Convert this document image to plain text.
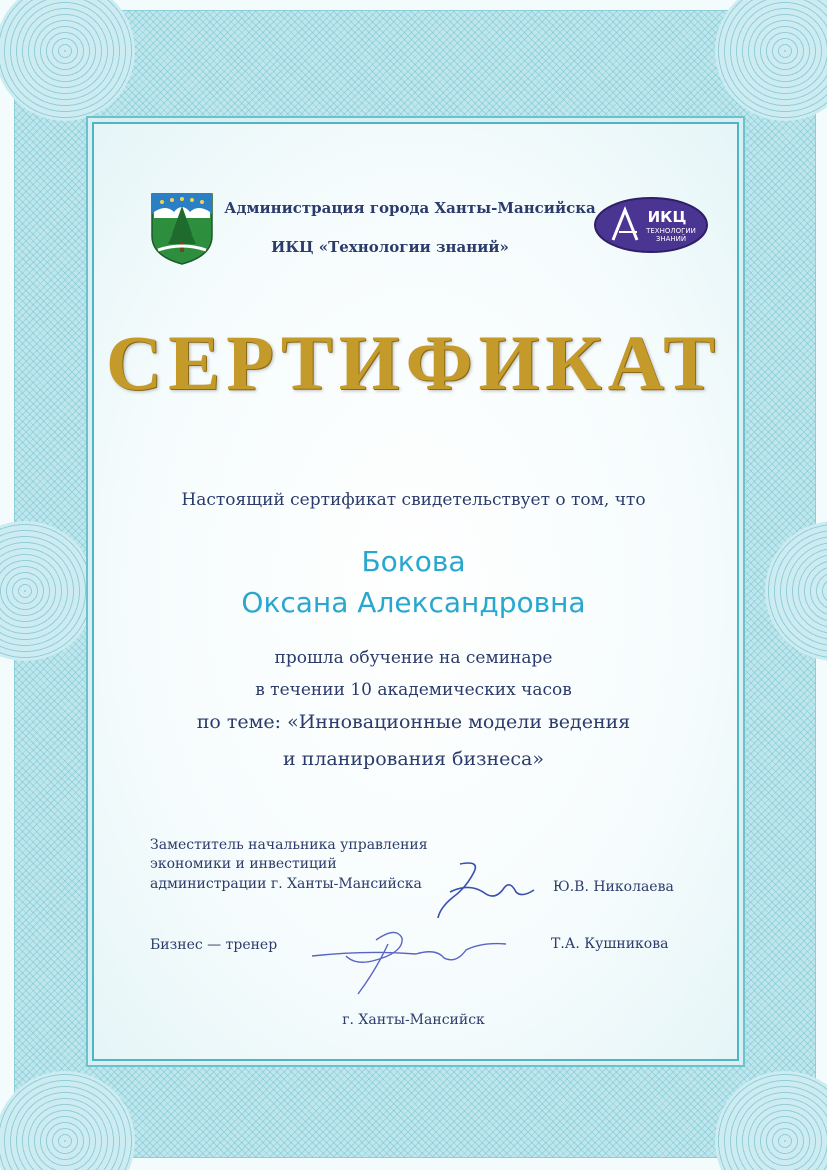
ИКЦ
ТЕХНОЛОГИИ
ЗНАНИЙ
Администрация города Ханты-Мансийска
ИКЦ «Технологии знаний»
СЕРТИФИКАТ
Настоящий сертификат свидетельствует о том, что
Бокова
Оксана Александровна
прошла обучение на семинаре
в течении 10 академических часов
по теме: «Инновационные модели ведения
и планирования бизнеса»
Заместитель начальника управления
экономики и инвестиций
администрации г. Ханты-Мансийска	Ю.В. Николаева
Бизнес — тренер	Т.А. Кушникова
г. Ханты-Мансийск
